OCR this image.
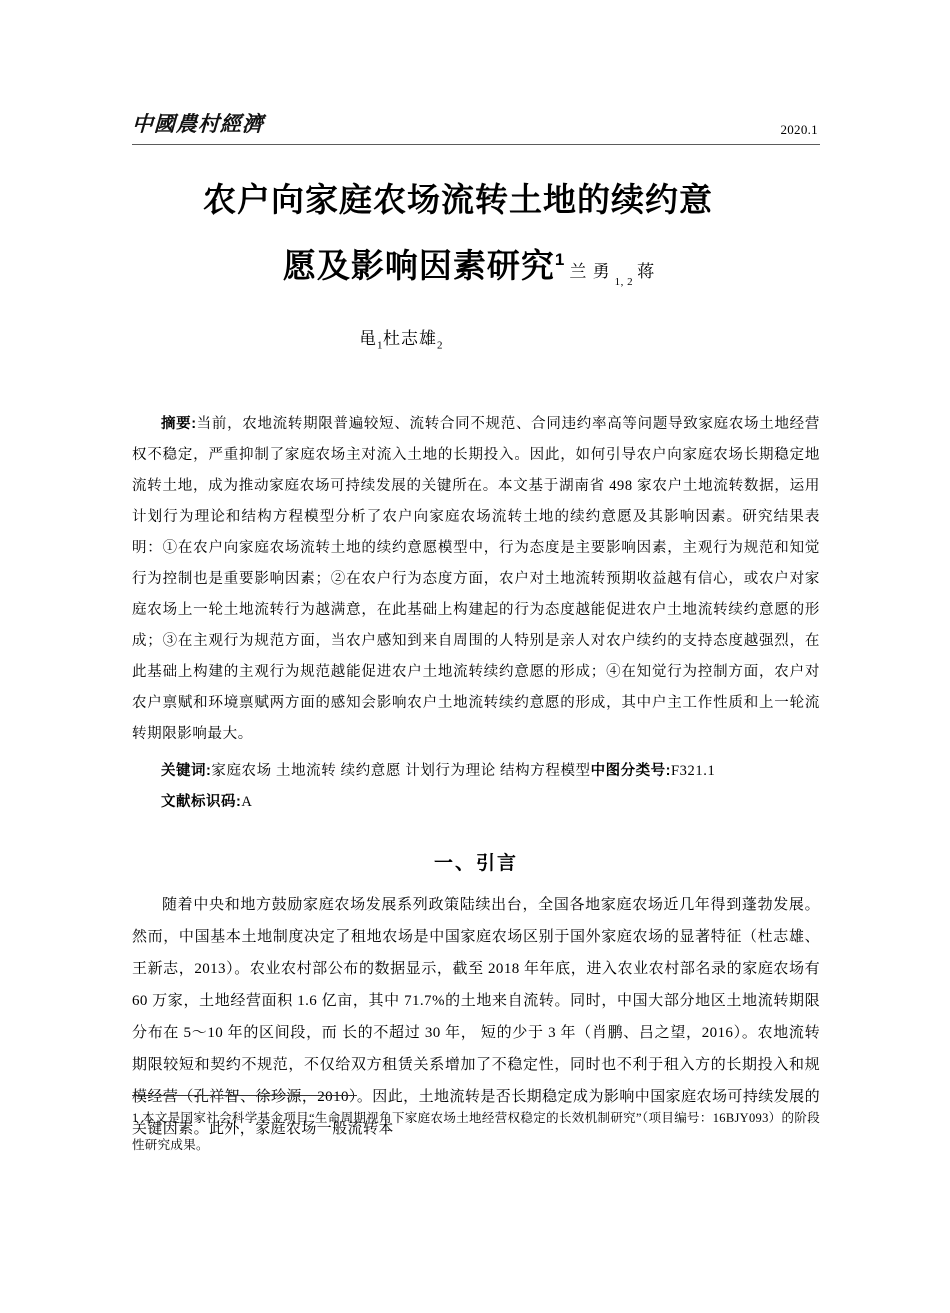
中國農村經濟	2020.1
农户向家庭农场流转土地的续约意
愿及影响因素研究$^1$兰 勇$_{1, 2}$蒋
黾$_1$杜志雄$_2$
摘要:当前，农地流转期限普遍较短、流转合同不规范、合同违约率高等问题导致家庭农场土地经营权不稳定，严重抑制了家庭农场主对流入土地的长期投入。因此，如何引导农户向家庭农场长期稳定地流转土地，成为推动家庭农场可持续发展的关键所在。本文基于湖南省 498 家农户土地流转数据，运用计划行为理论和结构方程模型分析了农户向家庭农场流转土地的续约意愿及其影响因素。研究结果表明：①在农户向家庭农场流转土地的续约意愿模型中，行为态度是主要影响因素，主观行为规范和知觉行为控制也是重要影响因素；②在农户行为态度方面，农户对土地流转预期收益越有信心，或农户对家庭农场上一轮土地流转行为越满意，在此基础上构建起的行为态度越能促进农户土地流转续约意愿的形成；③在主观行为规范方面，当农户感知到来自周围的人特别是亲人对农户续约的支持态度越强烈，在此基础上构建的主观行为规范越能促进农户土地流转续约意愿的形成；④在知觉行为控制方面，农户对农户禀赋和环境禀赋两方面的感知会影响农户土地流转续约意愿的形成，其中户主工作性质和上一轮流转期限影响最大。
关键词:家庭农场 土地流转 续约意愿 计划行为理论 结构方程模型中图分类号:F321.1
文献标识码:A
一、引言
随着中央和地方鼓励家庭农场发展系列政策陆续出台，全国各地家庭农场近几年得到蓬勃发展。然而，中国基本土地制度决定了租地农场是中国家庭农场区别于国外家庭农场的显著特征（杜志雄、王新志，2013）。农业农村部公布的数据显示，截至 2018 年年底，进入农业农村部名录的家庭农场有 60 万家，土地经营面积 1.6 亿亩，其中 71.7%的土地来自流转。同时，中国大部分地区土地流转期限分布在 5～10 年的区间段，而 长的不超过 30 年， 短的少于 3 年（肖鹏、吕之望，2016）。农地流转期限较短和契约不规范，不仅给双方租赁关系增加了不稳定性，同时也不利于租入方的长期投入和规模经营（孔祥智、徐珍源，2010）。因此，土地流转是否长期稳定成为影响中国家庭农场可持续发展的关键因素。此外，家庭农场一般流转本
1 本文是国家社会科学基金项目“生命周期视角下家庭农场土地经营权稳定的长效机制研究”（项目编号：16BJY093）的阶段性研究成果。
